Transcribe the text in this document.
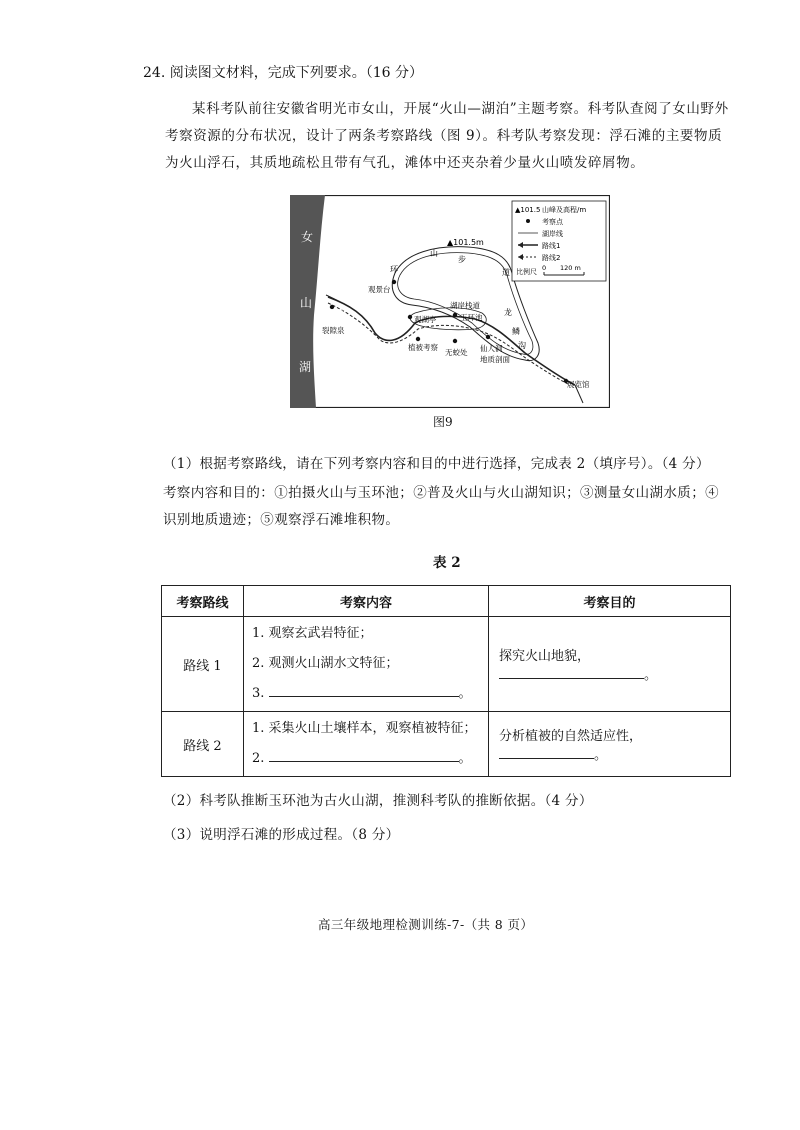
24. 阅读图文材料，完成下列要求。（16 分）
某科考队前往安徽省明光市女山，开展“火山—湖泊”主题考察。科考队查阅了女山野外考察资源的分布状况，设计了两条考察路线（图 9）。科考队考察发现：浮石滩的主要物质为火山浮石，其质地疏松且带有气孔，滩体中还夹杂着少量火山喷发碎屑物。
女
山
湖
▲101.5m
山
步
道
环
观景台
浮石滩
裂隙泉
观湖亭
湖岸栈道
玉环池
龙
鳞
沟
植被考察
无蛟处 仙人洞
地质剖面
展览馆
▲101.5 山峰及高程/m
考察点
湖岸线
路线1
路线2
比例尺 0 120 m
图9
（1）根据考察路线，请在下列考察内容和目的中进行选择，完成表 2（填序号）。（4 分）
考察内容和目的：①拍摄火山与玉环池；②普及火山与火山湖知识；③测量女山湖水质；④识别地质遗迹；⑤观察浮石滩堆积物。
表 2
考察路线	考察内容	考察目的
路线 1	1. 观察玄武岩特征；
2. 观测火山湖水文特征；
3. 。	探究火山地貌，。
路线 2	1. 采集火山土壤样本，观察植被特征；
2. 。	分析植被的自然适应性，。
（2）科考队推断玉环池为古火山湖，推测科考队的推断依据。（4 分）
（3）说明浮石滩的形成过程。（8 分）
高三年级地理检测训练-7-（共 8 页）
